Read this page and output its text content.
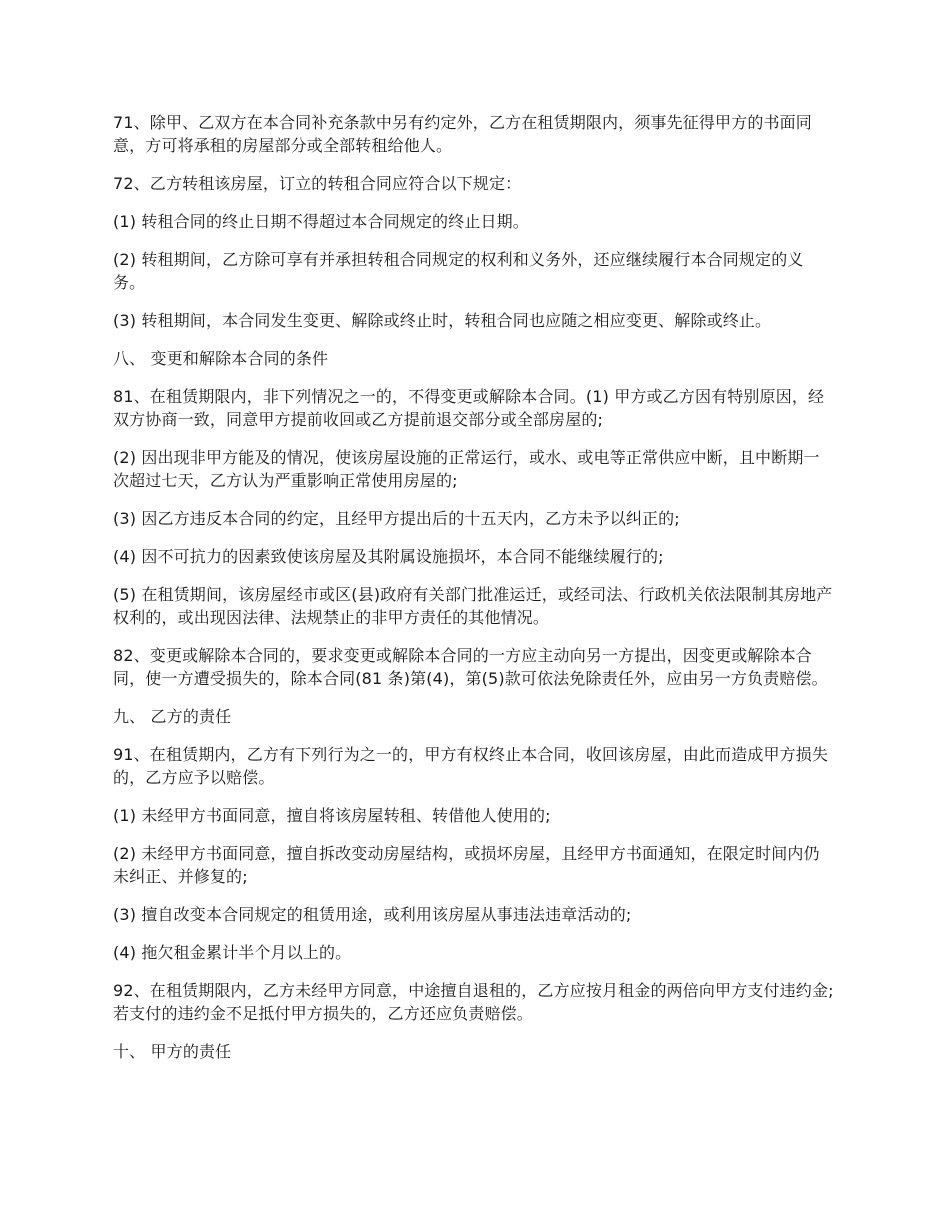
71、除甲、乙双方在本合同补充条款中另有约定外，乙方在租赁期限内，须事先征得甲方的书面同意，方可将承租的房屋部分或全部转租给他人。

72、乙方转租该房屋，订立的转租合同应符合以下规定：

(1) 转租合同的终止日期不得超过本合同规定的终止日期。

(2) 转租期间，乙方除可享有并承担转租合同规定的权利和义务外，还应继续履行本合同规定的义务。

(3) 转租期间，本合同发生变更、解除或终止时，转租合同也应随之相应变更、解除或终止。

八、 变更和解除本合同的条件

81、在租赁期限内，非下列情况之一的，不得变更或解除本合同。(1) 甲方或乙方因有特别原因，经双方协商一致，同意甲方提前收回或乙方提前退交部分或全部房屋的;

(2) 因出现非甲方能及的情况，使该房屋设施的正常运行，或水、或电等正常供应中断，且中断期一次超过七天，乙方认为严重影响正常使用房屋的;

(3) 因乙方违反本合同的约定，且经甲方提出后的十五天内，乙方未予以纠正的;

(4) 因不可抗力的因素致使该房屋及其附属设施损坏，本合同不能继续履行的;

(5) 在租赁期间，该房屋经市或区(县)政府有关部门批准运迁，或经司法、行政机关依法限制其房地产权利的，或出现因法律、法规禁止的非甲方责任的其他情况。

82、变更或解除本合同的，要求变更或解除本合同的一方应主动向另一方提出，因变更或解除本合同，使一方遭受损失的，除本合同(81 条)第(4)，第(5)款可依法免除责任外，应由另一方负责赔偿。

九、 乙方的责任

91、在租赁期内，乙方有下列行为之一的，甲方有权终止本合同，收回该房屋，由此而造成甲方损失的，乙方应予以赔偿。

(1) 未经甲方书面同意，擅自将该房屋转租、转借他人使用的;

(2) 未经甲方书面同意，擅自拆改变动房屋结构，或损坏房屋，且经甲方书面通知，在限定时间内仍未纠正、并修复的;

(3) 擅自改变本合同规定的租赁用途，或利用该房屋从事违法违章活动的;

(4) 拖欠租金累计半个月以上的。

92、在租赁期限内，乙方未经甲方同意，中途擅自退租的，乙方应按月租金的两倍向甲方支付违约金;若支付的违约金不足抵付甲方损失的，乙方还应负责赔偿。

十、 甲方的责任
